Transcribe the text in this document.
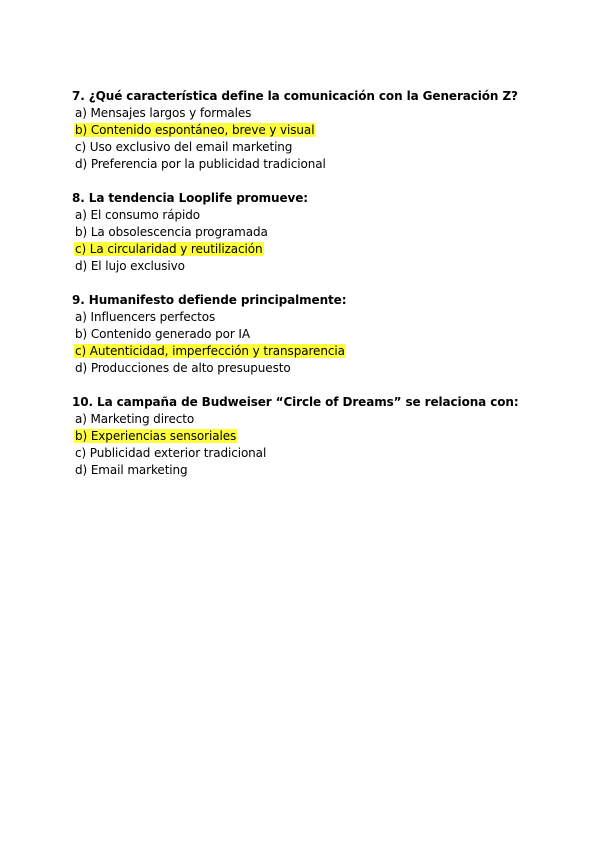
7. ¿Qué característica define la comunicación con la Generación Z?
a) Mensajes largos y formales
b) Contenido espontáneo, breve y visual
c) Uso exclusivo del email marketing
d) Preferencia por la publicidad tradicional
8. La tendencia Looplife promueve:
a) El consumo rápido
b) La obsolescencia programada
c) La circularidad y reutilización
d) El lujo exclusivo
9. Humanifesto defiende principalmente:
a) Influencers perfectos
b) Contenido generado por IA
c) Autenticidad, imperfección y transparencia
d) Producciones de alto presupuesto
10. La campaña de Budweiser “Circle of Dreams” se relaciona con:
a) Marketing directo
b) Experiencias sensoriales
c) Publicidad exterior tradicional
d) Email marketing
